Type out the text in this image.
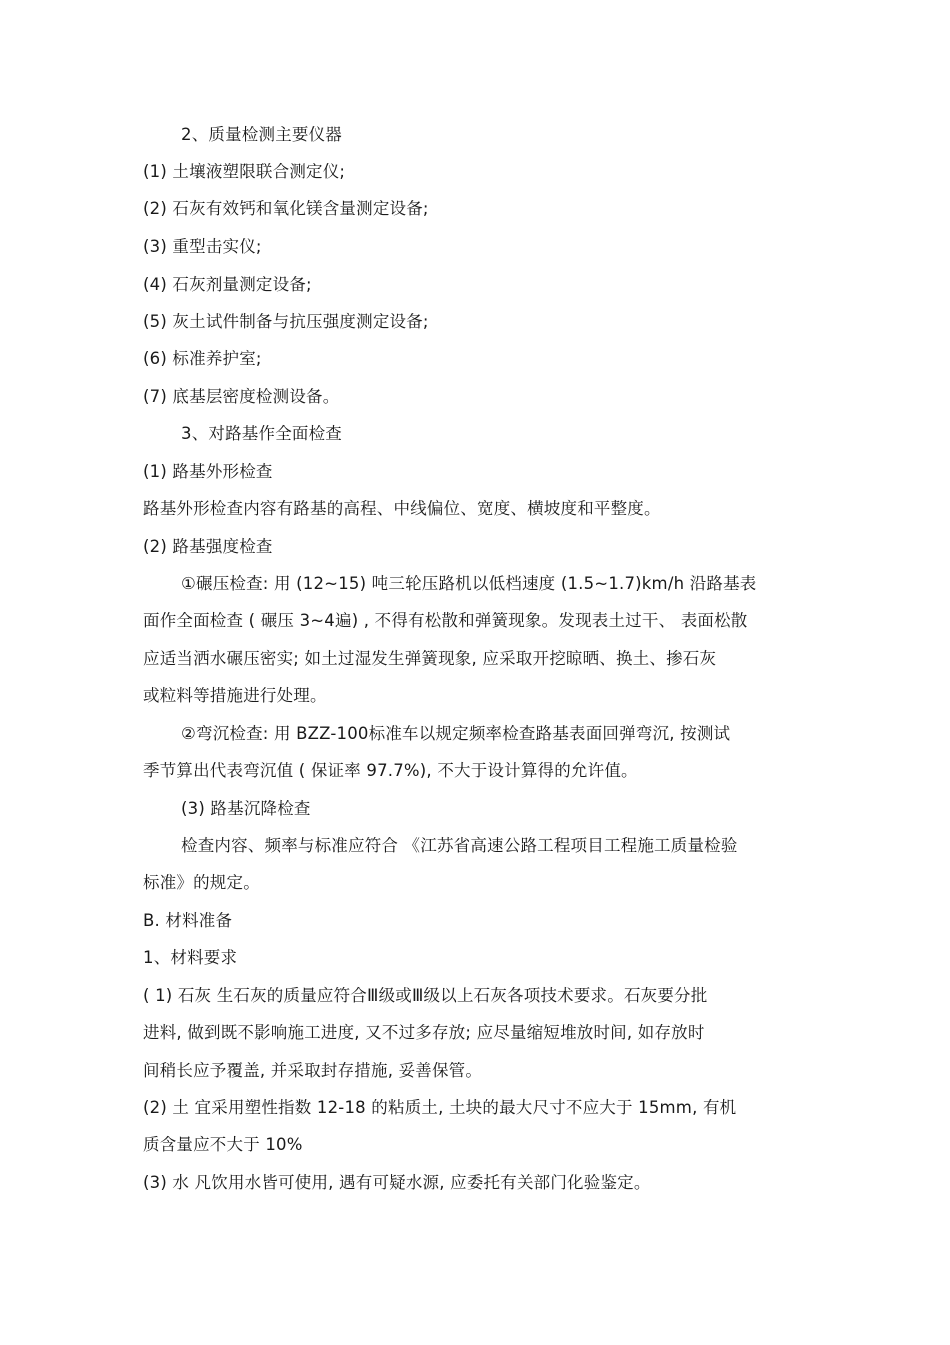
2、质量检测主要仪器
(1) 土壤液塑限联合测定仪;
(2) 石灰有效钙和氧化镁含量测定设备;
(3) 重型击实仪;
(4) 石灰剂量测定设备;
(5) 灰土试件制备与抗压强度测定设备;
(6) 标准养护室;
(7) 底基层密度检测设备。
3、对路基作全面检查
(1) 路基外形检查
路基外形检查内容有路基的高程、中线偏位、宽度、横坡度和平整度。
(2) 路基强度检查
①碾压检查: 用 (12~15) 吨三轮压路机以低档速度 (1.5~1.7)km/h 沿路基表
面作全面检查 ( 碾压 3~4遍) , 不得有松散和弹簧现象。发现表土过干、 表面松散
应适当洒水碾压密实; 如土过湿发生弹簧现象, 应采取开挖晾晒、换土、掺石灰
或粒料等措施进行处理。
②弯沉检查: 用 BZZ-100标准车以规定频率检查路基表面回弹弯沉, 按测试
季节算出代表弯沉值 ( 保证率 97.7%), 不大于设计算得的允许值。
(3) 路基沉降检查
检查内容、频率与标准应符合 《江苏省高速公路工程项目工程施工质量检验
标准》的规定。
B. 材料准备
1、材料要求
( 1) 石灰 生石灰的质量应符合Ⅲ级或Ⅲ级以上石灰各项技术要求。石灰要分批
进料, 做到既不影响施工进度, 又不过多存放; 应尽量缩短堆放时间, 如存放时
间稍长应予覆盖, 并采取封存措施, 妥善保管。
(2) 土 宜采用塑性指数 12-18 的粘质土, 土块的最大尺寸不应大于 15mm, 有机
质含量应不大于 10%
(3) 水 凡饮用水皆可使用, 遇有可疑水源, 应委托有关部门化验鉴定。
